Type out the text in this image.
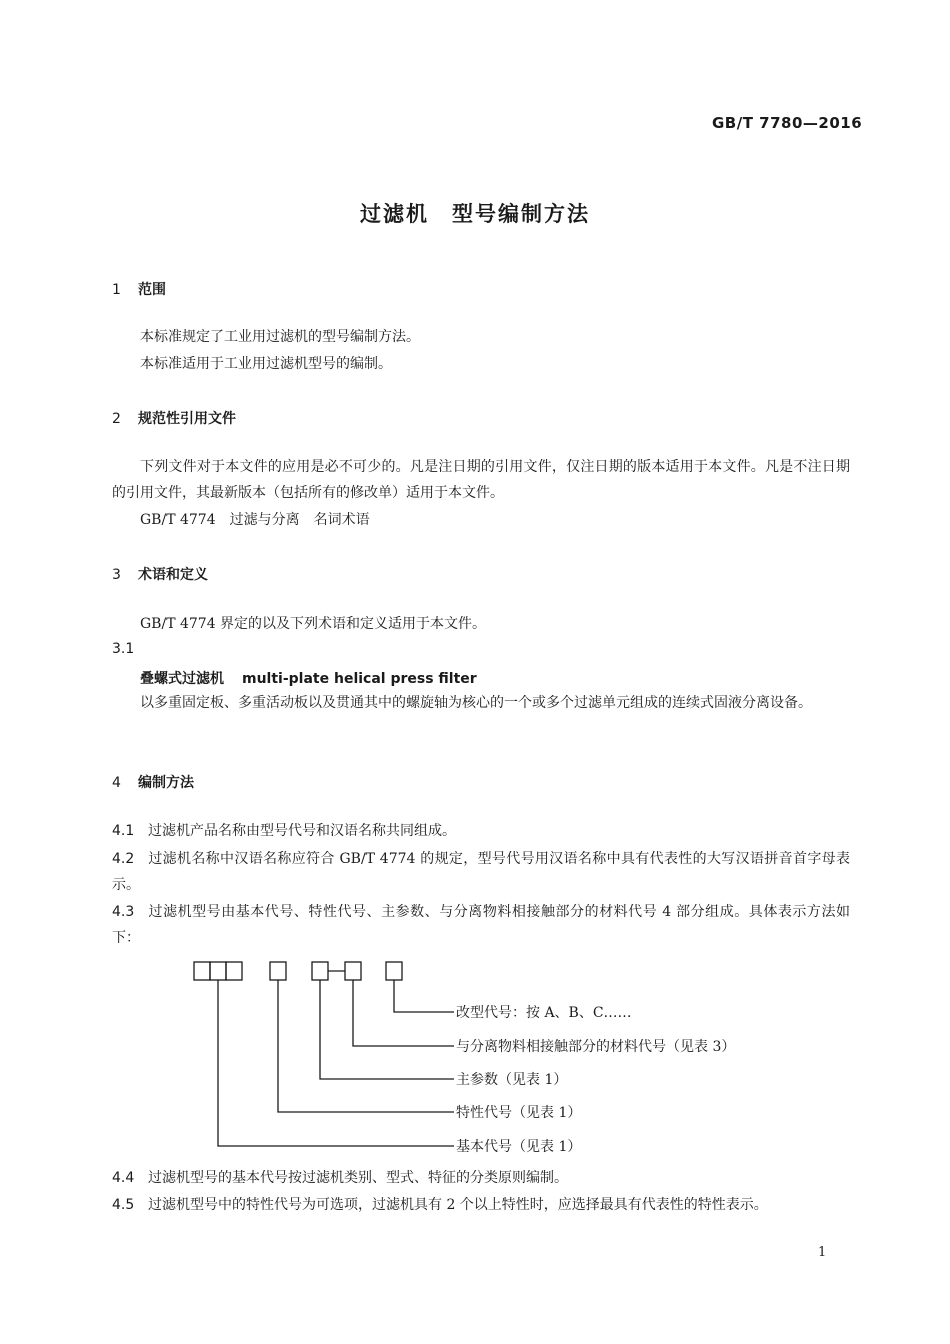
GB/T 7780—2016
过滤机　型号编制方法
1 范围
本标准规定了工业用过滤机的型号编制方法。
本标准适用于工业用过滤机型号的编制。
2 规范性引用文件
下列文件对于本文件的应用是必不可少的。凡是注日期的引用文件，仅注日期的版本适用于本文件。凡是不注日期的引用文件，其最新版本（包括所有的修改单）适用于本文件。
GB/T 4774　过滤与分离　名词术语
3 术语和定义
GB/T 4774 界定的以及下列术语和定义适用于本文件。
3.1
叠螺式过滤机 multi-plate helical press filter
以多重固定板、多重活动板以及贯通其中的螺旋轴为核心的一个或多个过滤单元组成的连续式固液分离设备。
4 编制方法
4.1 过滤机产品名称由型号代号和汉语名称共同组成。
4.2 过滤机名称中汉语名称应符合 GB/T 4774 的规定，型号代号用汉语名称中具有代表性的大写汉语拼音首字母表示。
4.3 过滤机型号由基本代号、特性代号、主参数、与分离物料相接触部分的材料代号 4 部分组成。具体表示方法如下：
改型代号：按 A、B、C……
与分离物料相接触部分的材料代号（见表 3）
主参数（见表 1）
特性代号（见表 1）
基本代号（见表 1）
4.4 过滤机型号的基本代号按过滤机类别、型式、特征的分类原则编制。
4.5 过滤机型号中的特性代号为可选项，过滤机具有 2 个以上特性时，应选择最具有代表性的特性表示。
1
